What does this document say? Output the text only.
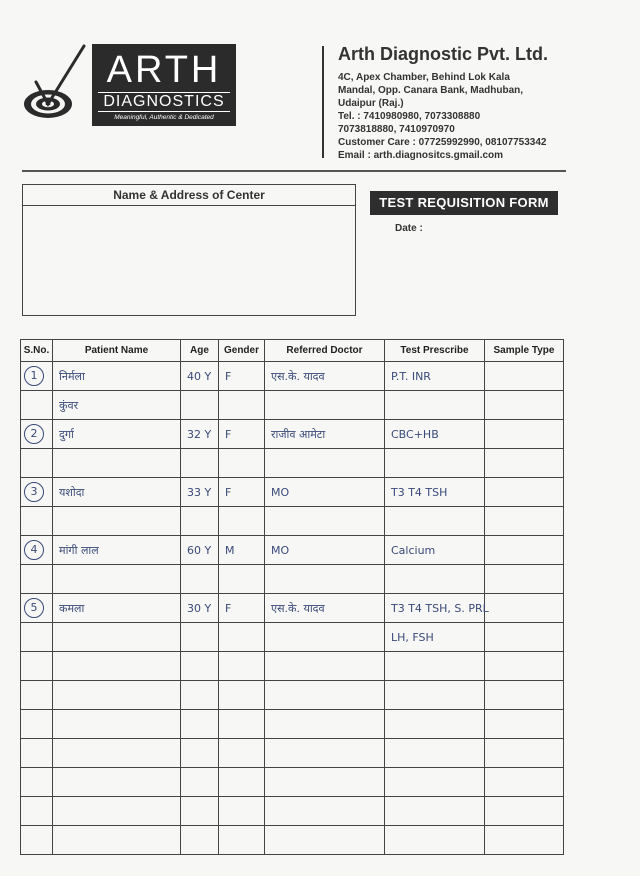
ARTH
DIAGNOSTICS
Meaningful, Authentic & Dedicated
Arth Diagnostic Pvt. Ltd.
4C, Apex Chamber, Behind Lok Kala
Mandal, Opp. Canara Bank, Madhuban,
Udaipur (Raj.)
Tel. : 7410980980, 7073308880
7073818880, 7410970970
Customer Care : 07725992990, 08107753342
Email : arth.diagnositcs.gmail.com
Name & Address of Center	TEST REQUISITION FORM
Date :
S.No.	Patient Name	Age	Gender	Referred Doctor	Test Prescribe	Sample Type
1	निर्मला	40 Y	F	एस.के. यादव	P.T. INR	
	कुंवर					
2	दुर्गा	32 Y	F	राजीव आमेटा	CBC+HB	

3	यशोदा	33 Y	F	MO	T3 T4 TSH	

4	मांगी लाल	60 Y	M	MO	Calcium	

5	कमला	30 Y	F	एस.के. यादव	T3 T4 TSH, S. PRL	
					LH, FSH	
